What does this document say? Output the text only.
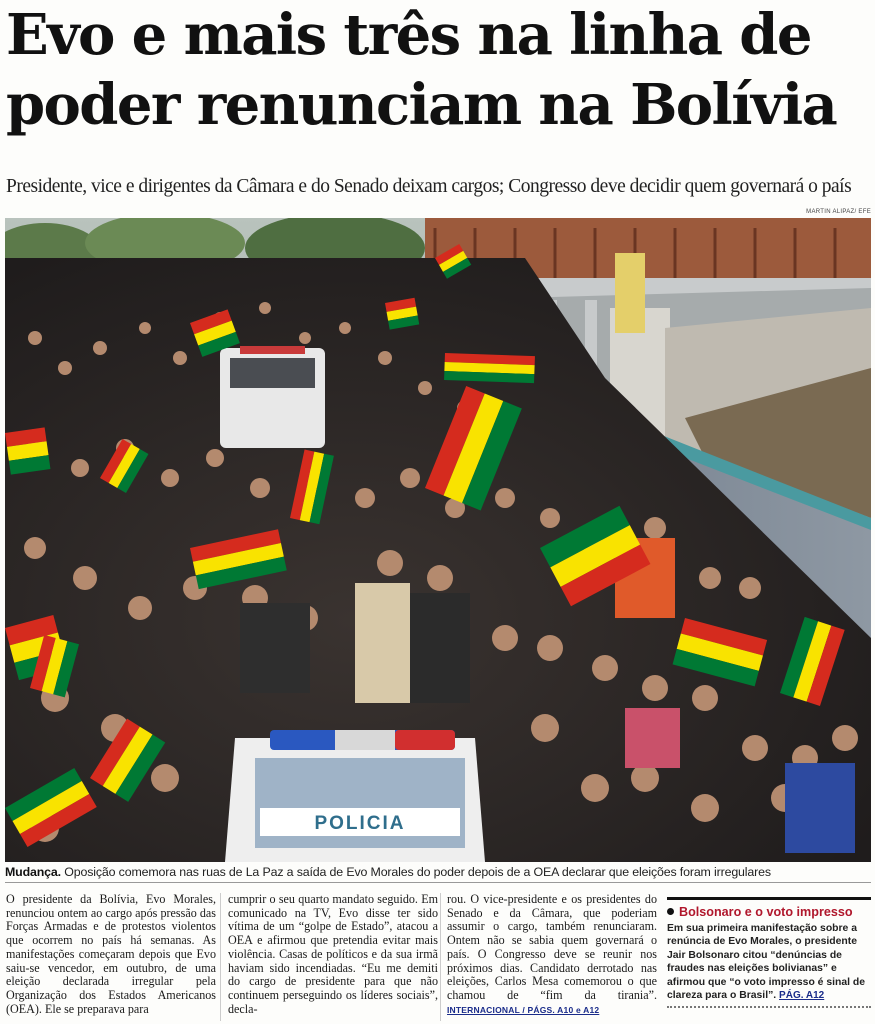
Evo e mais três na linha de
poder renunciam na Bolívia
Presidente, vice e dirigentes da Câmara e do Senado deixam cargos; Congresso deve decidir quem governará o país
MARTIN ALIPAZ/ EFE
POLICIA
Mudança. Oposição comemora nas ruas de La Paz a saída de Evo Morales do poder depois de a OEA declarar que eleições foram irregulares

O presidente da Bolívia, Evo Morales, renunciou ontem ao cargo após pressão das Forças Armadas e de protestos violentos que ocorrem no país há semanas. As manifestações começaram depois que Evo saiu-se vencedor, em outubro, de uma eleição declarada irregular pela Organização dos Estados Americanos (OEA). Ele se preparava para

cumprir o seu quarto mandato seguido. Em comunicado na TV, Evo disse ter sido vítima de um “golpe de Estado”, atacou a OEA e afirmou que pretendia evitar mais violência. Casas de políticos e da sua irmã haviam sido incendiadas. “Eu me demiti do cargo de presidente para que não continuem perseguindo os líderes sociais”, decla-

rou. O vice-presidente e os presidentes do Senado e da Câmara, que poderiam assumir o cargo, também renunciaram. Ontem não se sabia quem governará o país. O Congresso deve se reunir nos próximos dias. Candidato derrotado nas eleições, Carlos Mesa comemorou o que chamou de “fim da tirania”. INTERNACIONAL / PÁGS. A10 e A12

Bolsonaro e o voto impresso
Em sua primeira manifestação sobre a renúncia de Evo Morales, o presidente Jair Bolsonaro citou “denúncias de fraudes nas eleições bolivianas” e afirmou que “o voto impresso é sinal de clareza para o Brasil”. PÁG. A12
